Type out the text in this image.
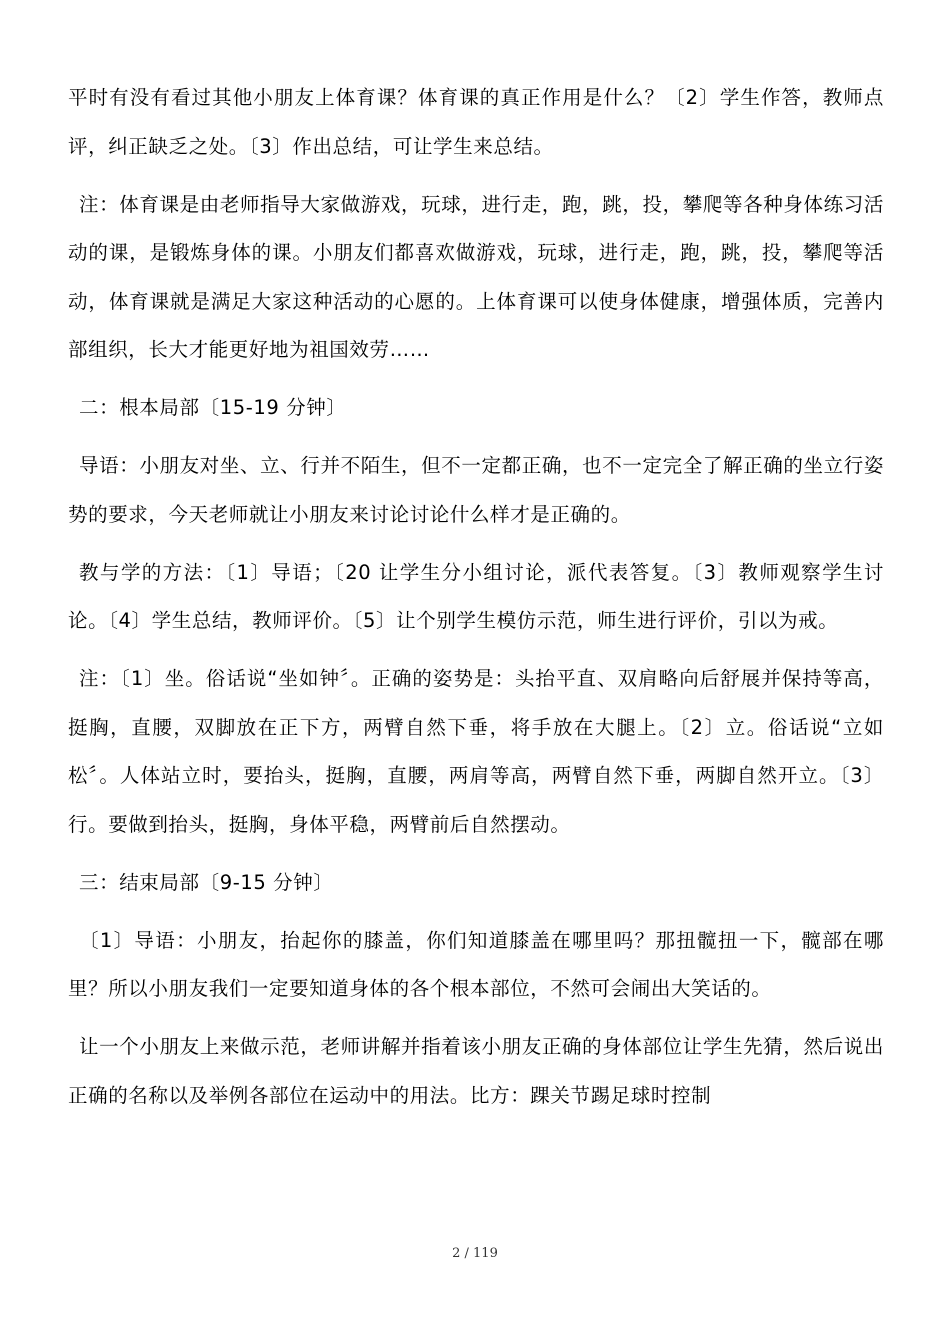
平时有没有看过其他小朋友上体育课？体育课的真正作用是什么？〔2〕学生作答，教师点评，纠正缺乏之处。〔3〕作出总结，可让学生来总结。

注：体育课是由老师指导大家做游戏，玩球，进行走，跑，跳，投，攀爬等各种身体练习活动的课，是锻炼身体的课。小朋友们都喜欢做游戏，玩球，进行走，跑，跳，投，攀爬等活动，体育课就是满足大家这种活动的心愿的。上体育课可以使身体健康，增强体质，完善内部组织，长大才能更好地为祖国效劳……

二：根本局部〔15-19 分钟〕

导语：小朋友对坐、立、行并不陌生，但不一定都正确，也不一定完全了解正确的坐立行姿势的要求，今天老师就让小朋友来讨论讨论什么样才是正确的。

教与学的方法：〔1〕导语；〔20 让学生分小组讨论，派代表答复。〔3〕教师观察学生讨论。〔4〕学生总结，教师评价。〔5〕让个别学生模仿示范，师生进行评价，引以为戒。

注：〔1〕坐。俗话说“坐如钟〞。正确的姿势是：头抬平直、双肩略向后舒展并保持等高，挺胸，直腰，双脚放在正下方，两臂自然下垂，将手放在大腿上。〔2〕立。俗话说“立如松〞。人体站立时，要抬头，挺胸，直腰，两肩等高，两臂自然下垂，两脚自然开立。〔3〕行。要做到抬头，挺胸，身体平稳，两臂前后自然摆动。

三：结束局部〔9-15 分钟〕

〔1〕导语：小朋友，抬起你的膝盖，你们知道膝盖在哪里吗？那扭髋扭一下，髋部在哪里？所以小朋友我们一定要知道身体的各个根本部位，不然可会闹出大笑话的。

让一个小朋友上来做示范，老师讲解并指着该小朋友正确的身体部位让学生先猜，然后说出正确的名称以及举例各部位在运动中的用法。比方：踝关节踢足球时控制

2 / 119
